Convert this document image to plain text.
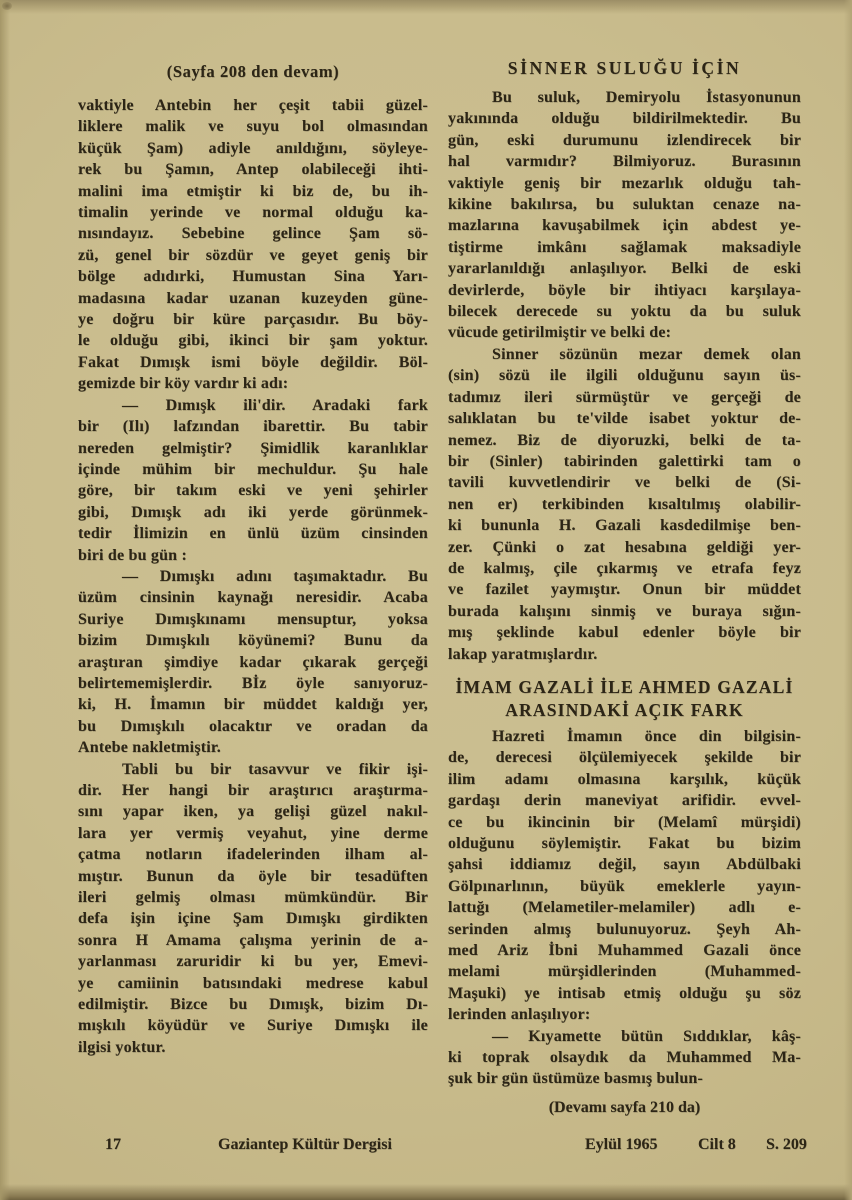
(Sayfa 208 den devam)
vaktiyle Antebin her çeşit tabii güzel-
liklere malik ve suyu bol olmasından
küçük Şam) adiyle anıldığını, söyleye-
rek bu Şamın, Antep olabileceği ihti-
malini ima etmiştir ki biz de, bu ih-
timalin yerinde ve normal olduğu ka-
nısındayız. Sebebine gelince Şam sö-
zü, genel bir sözdür ve geyet geniş bir
bölge adıdırki, Humustan Sina Yarı-
madasına kadar uzanan kuzeyden güne-
ye doğru bir küre parçasıdır. Bu böy-
le olduğu gibi, ikinci bir şam yoktur.
Fakat Dımışk ismi böyle değildir. Böl-
gemizde bir köy vardır ki adı:
— Dımışk ili'dir. Aradaki fark
bir (Ilı) lafzından ibarettir. Bu tabir
nereden gelmiştir? Şimidlik karanlıklar
içinde mühim bir mechuldur. Şu hale
göre, bir takım eski ve yeni şehirler
gibi, Dımışk adı iki yerde görünmek-
tedir İlimizin en ünlü üzüm cinsinden
biri de bu gün :
— Dımışkı adını taşımaktadır. Bu
üzüm cinsinin kaynağı neresidir. Acaba
Suriye Dımışkınamı mensuptur, yoksa
bizim Dımışkılı köyünemi? Bunu da
araştıran şimdiye kadar çıkarak gerçeği
belirtememişlerdir. Bİz öyle sanıyoruz-
ki, H. İmamın bir müddet kaldığı yer,
bu Dımışkılı olacaktır ve oradan da
Antebe nakletmiştir.
Tabli bu bir tasavvur ve fikir işi-
dir. Her hangi bir araştırıcı araştırma-
sını yapar iken, ya gelişi güzel nakıl-
lara yer vermiş veyahut, yine derme
çatma notların ifadelerinden ilham al-
mıştır. Bunun da öyle bir tesadüften
ileri gelmiş olması mümkündür. Bir
defa işin içine Şam Dımışkı girdikten
sonra H Amama çalışma yerinin de a-
yarlanması zaruridir ki bu yer, Emevi-
ye camiinin batısındaki medrese kabul
edilmiştir. Bizce bu Dımışk, bizim Dı-
mışkılı köyüdür ve Suriye Dımışkı ile
ilgisi yoktur.
SİNNER SULUĞU İÇİN
Bu suluk, Demiryolu İstasyonunun
yakınında olduğu bildirilmektedir. Bu
gün, eski durumunu izlendirecek bir
hal varmıdır? Bilmiyoruz. Burasının
vaktiyle geniş bir mezarlık olduğu tah-
kikine bakılırsa, bu suluktan cenaze na-
mazlarına kavuşabilmek için abdest ye-
tiştirme imkânı sağlamak maksadiyle
yararlanıldığı anlaşılıyor. Belki de eski
devirlerde, böyle bir ihtiyacı karşılaya-
bilecek derecede su yoktu da bu suluk
vücude getirilmiştir ve belki de:
Sinner sözünün mezar demek olan
(sin) sözü ile ilgili olduğunu sayın üs-
tadımız ileri sürmüştür ve gerçeği de
salıklatan bu te'vilde isabet yoktur de-
nemez. Biz de diyoruzki, belki de ta-
bir (Sinler) tabirinden galettirki tam o
tavili kuvvetlendirir ve belki de (Si-
nen er) terkibinden kısaltılmış olabilir-
ki bununla H. Gazali kasdedilmişe ben-
zer. Çünki o zat hesabına geldiği yer-
de kalmış, çile çıkarmış ve etrafa feyz
ve fazilet yaymıştır. Onun bir müddet
burada kalışını sinmiş ve buraya sığın-
mış şeklinde kabul edenler böyle bir
lakap yaratmışlardır.
İMAM GAZALİ İLE AHMED GAZALİ
ARASINDAKİ AÇIK FARK
Hazreti İmamın önce din bilgisin-
de, derecesi ölçülemiyecek şekilde bir
ilim adamı olmasına karşılık, küçük
gardaşı derin maneviyat arifidir. evvel-
ce bu ikincinin bir (Melamî mürşidi)
olduğunu söylemiştir. Fakat bu bizim
şahsi iddiamız değil, sayın Abdülbaki
Gölpınarlının, büyük emeklerle yayın-
lattığı (Melametiler-melamiler) adlı e-
serinden almış bulunuyoruz. Şeyh Ah-
med Ariz İbni Muhammed Gazali önce
melami mürşidlerinden (Muhammed-
Maşuki) ye intisab etmiş olduğu şu söz
lerinden anlaşılıyor:
— Kıyamette bütün Sıddıklar, kâş-
ki toprak olsaydık da Muhammed Ma-
şuk bir gün üstümüze basmış bulun-
(Devamı sayfa 210 da)
17	Gaziantep Kültür Dergisi	Eylül 1965	Cilt 8 S. 209
